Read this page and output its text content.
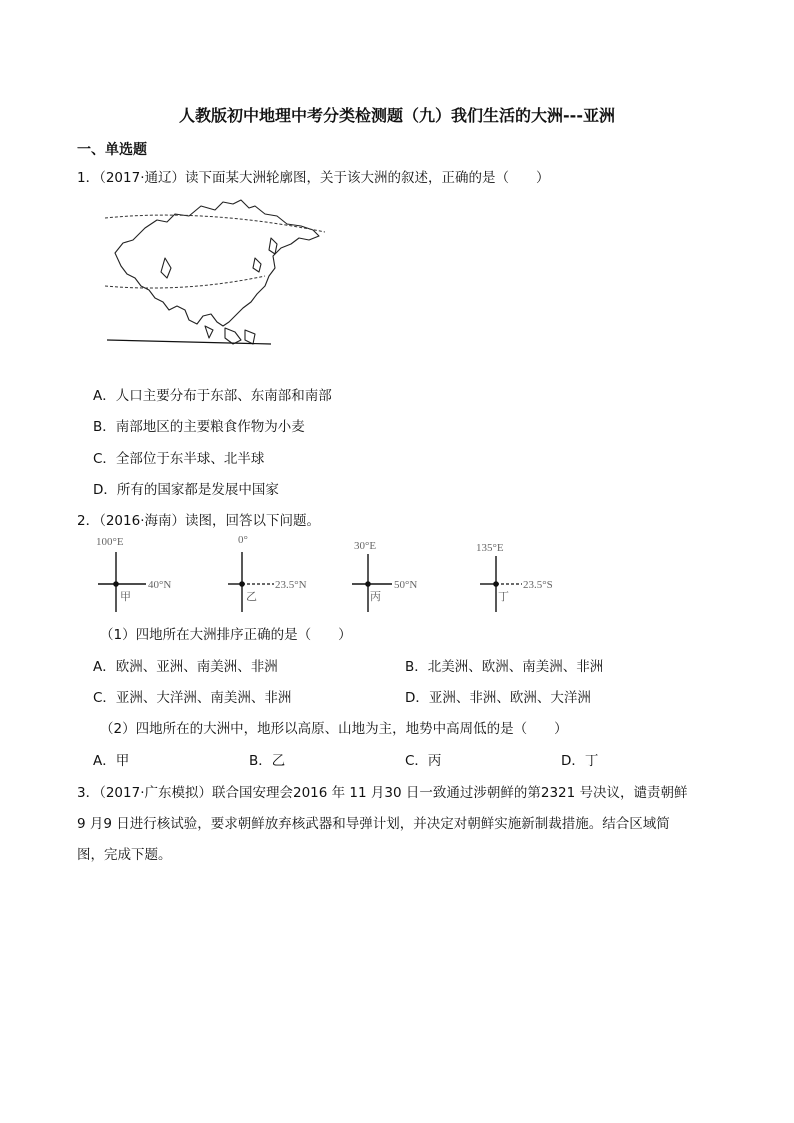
人教版初中地理中考分类检测题（九）我们生活的大洲---亚洲
一、单选题
1．（2017·通辽）读下面某大洲轮廓图，关于该大洲的叙述，正确的是（　　）
A．人口主要分布于东部、东南部和南部
B．南部地区的主要粮食作物为小麦
C．全部位于东半球、北半球
D．所有的国家都是发展中国家
2．（2016·海南）读图，回答以下问题。
100°E
40°N
甲
0°
23.5°N
乙
30°E
50°N
丙
135°E
23.5°S
丁
（1）四地所在大洲排序正确的是（　　）
A．欧洲、亚洲、南美洲、非洲	B．北美洲、欧洲、南美洲、非洲
C．亚洲、大洋洲、南美洲、非洲	D．亚洲、非洲、欧洲、大洋洲
（2）四地所在的大洲中，地形以高原、山地为主，地势中高周低的是（　　）
A．甲	B．乙	C．丙	D．丁
3．（2017·广东模拟）联合国安理会2016 年 11 月30 日一致通过涉朝鲜的第2321 号决议，谴责朝鲜
9 月9 日进行核试验，要求朝鲜放弃核武器和导弹计划，并决定对朝鲜实施新制裁措施。结合区域简
图，完成下题。
